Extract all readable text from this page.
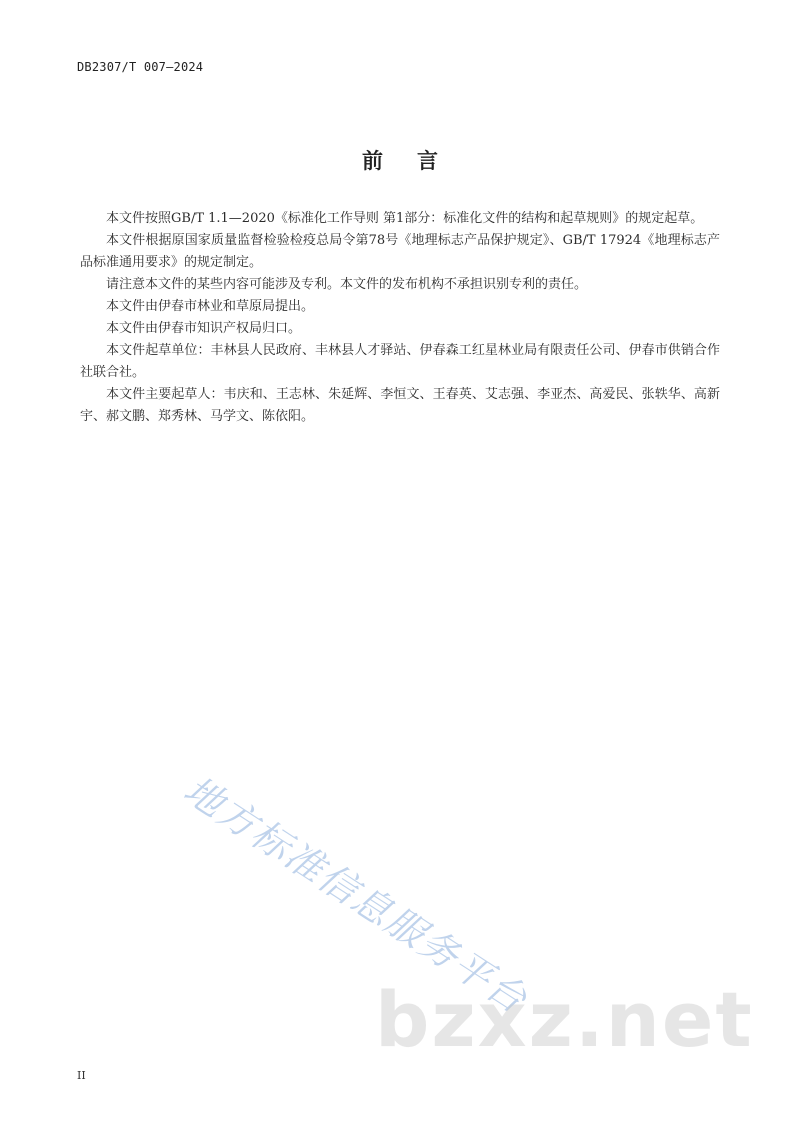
DB2307/T 007—2024
前言

本文件按照GB/T 1.1—2020《标准化工作导则 第1部分：标准化文件的结构和起草规则》的规定起草。

本文件根据原国家质量监督检验检疫总局令第78号《地理标志产品保护规定》、GB/T 17924《地理标志产品标准通用要求》的规定制定。

请注意本文件的某些内容可能涉及专利。本文件的发布机构不承担识别专利的责任。

本文件由伊春市林业和草原局提出。

本文件由伊春市知识产权局归口。

本文件起草单位：丰林县人民政府、丰林县人才驿站、伊春森工红星林业局有限责任公司、伊春市供销合作社联合社。

本文件主要起草人：韦庆和、王志林、朱延辉、李恒文、王春英、艾志强、李亚杰、高爱民、张轶华、高新宇、郝文鹏、郑秀林、马学文、陈依阳。

地方标准信息服务平台
bzxz.net
II
